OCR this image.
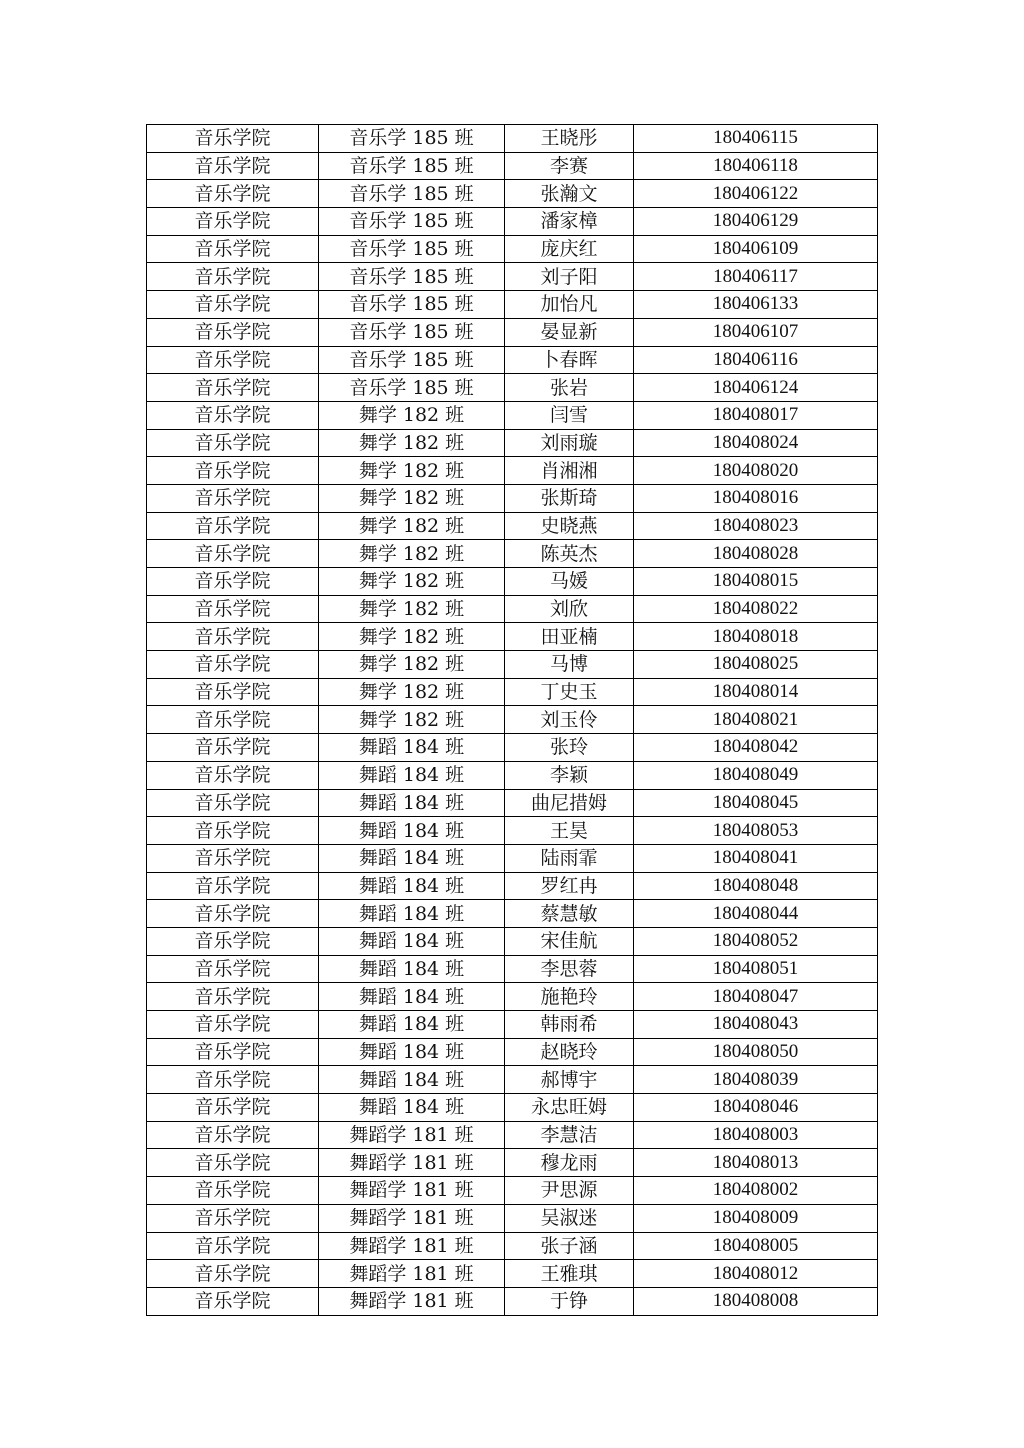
音乐学院	音乐学 185 班	王晓彤	180406115
音乐学院	音乐学 185 班	李赛	180406118
音乐学院	音乐学 185 班	张瀚文	180406122
音乐学院	音乐学 185 班	潘家樟	180406129
音乐学院	音乐学 185 班	庞庆红	180406109
音乐学院	音乐学 185 班	刘子阳	180406117
音乐学院	音乐学 185 班	加怡凡	180406133
音乐学院	音乐学 185 班	晏显新	180406107
音乐学院	音乐学 185 班	卜春晖	180406116
音乐学院	音乐学 185 班	张岩	180406124
音乐学院	舞学 182 班	闫雪	180408017
音乐学院	舞学 182 班	刘雨璇	180408024
音乐学院	舞学 182 班	肖湘湘	180408020
音乐学院	舞学 182 班	张斯琦	180408016
音乐学院	舞学 182 班	史晓燕	180408023
音乐学院	舞学 182 班	陈英杰	180408028
音乐学院	舞学 182 班	马媛	180408015
音乐学院	舞学 182 班	刘欣	180408022
音乐学院	舞学 182 班	田亚楠	180408018
音乐学院	舞学 182 班	马博	180408025
音乐学院	舞学 182 班	丁史玉	180408014
音乐学院	舞学 182 班	刘玉伶	180408021
音乐学院	舞蹈 184 班	张玲	180408042
音乐学院	舞蹈 184 班	李颖	180408049
音乐学院	舞蹈 184 班	曲尼措姆	180408045
音乐学院	舞蹈 184 班	王昊	180408053
音乐学院	舞蹈 184 班	陆雨霏	180408041
音乐学院	舞蹈 184 班	罗红冉	180408048
音乐学院	舞蹈 184 班	蔡慧敏	180408044
音乐学院	舞蹈 184 班	宋佳航	180408052
音乐学院	舞蹈 184 班	李思蓉	180408051
音乐学院	舞蹈 184 班	施艳玲	180408047
音乐学院	舞蹈 184 班	韩雨希	180408043
音乐学院	舞蹈 184 班	赵晓玲	180408050
音乐学院	舞蹈 184 班	郝博宇	180408039
音乐学院	舞蹈 184 班	永忠旺姆	180408046
音乐学院	舞蹈学 181 班	李慧洁	180408003
音乐学院	舞蹈学 181 班	穆龙雨	180408013
音乐学院	舞蹈学 181 班	尹思源	180408002
音乐学院	舞蹈学 181 班	吴淑迷	180408009
音乐学院	舞蹈学 181 班	张子涵	180408005
音乐学院	舞蹈学 181 班	王雅琪	180408012
音乐学院	舞蹈学 181 班	于铮	180408008
